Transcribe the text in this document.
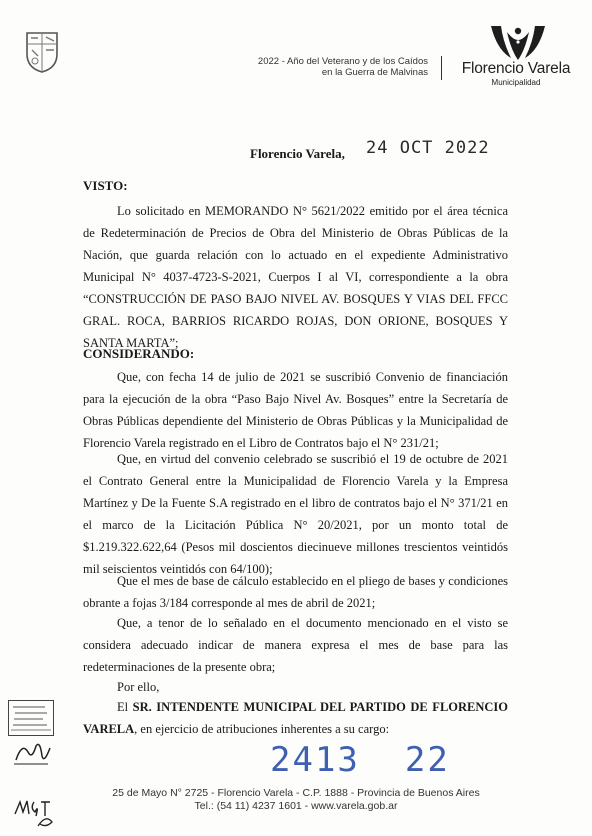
2022 - Año del Veterano y de los Caídos
en la Guerra de Malvinas	Florencio Varela
Municipalidad
Florencio Varela, 24 OCT 2022
VISTO:
Lo solicitado en MEMORANDO N° 5621/2022 emitido por el área técnica de Redeterminación de Precios de Obra del Ministerio de Obras Públicas de la Nación, que guarda relación con lo actuado en el expediente Administrativo Municipal N° 4037-4723-S-2021, Cuerpos I al VI, correspondiente a la obra “CONSTRUCCIÓN DE PASO BAJO NIVEL AV. BOSQUES Y VIAS DEL FFCC GRAL. ROCA, BARRIOS RICARDO ROJAS, DON ORIONE, BOSQUES Y SANTA MARTA”;
CONSIDERANDO:
Que, con fecha 14 de julio de 2021 se suscribió Convenio de financiación para la ejecución de la obra “Paso Bajo Nivel Av. Bosques” entre la Secretaría de Obras Públicas dependiente del Ministerio de Obras Públicas y la Municipalidad de Florencio Varela registrado en el Libro de Contratos bajo el N° 231/21;
Que, en virtud del convenio celebrado se suscribió el 19 de octubre de 2021 el Contrato General entre la Municipalidad de Florencio Varela y la Empresa Martínez y De la Fuente S.A registrado en el libro de contratos bajo el N° 371/21 en el marco de la Licitación Pública N° 20/2021, por un monto total de $1.219.322.622,64 (Pesos mil doscientos diecinueve millones trescientos veintidós mil seiscientos veintidós con 64/100);
Que el mes de base de cálculo establecido en el pliego de bases y condiciones obrante a fojas 3/184 corresponde al mes de abril de 2021;
Que, a tenor de lo señalado en el documento mencionado en el visto se considera adecuado indicar de manera expresa el mes de base para las redeterminaciones de la presente obra;
Por ello,
El SR. INTENDENTE MUNICIPAL DEL PARTIDO DE FLORENCIO VARELA, en ejercicio de atribuciones inherentes a su cargo:
2413 22
25 de Mayo N° 2725 - Florencio Varela - C.P. 1888 - Provincia de Buenos Aires
Tel.: (54 11) 4237 1601 - www.varela.gob.ar
